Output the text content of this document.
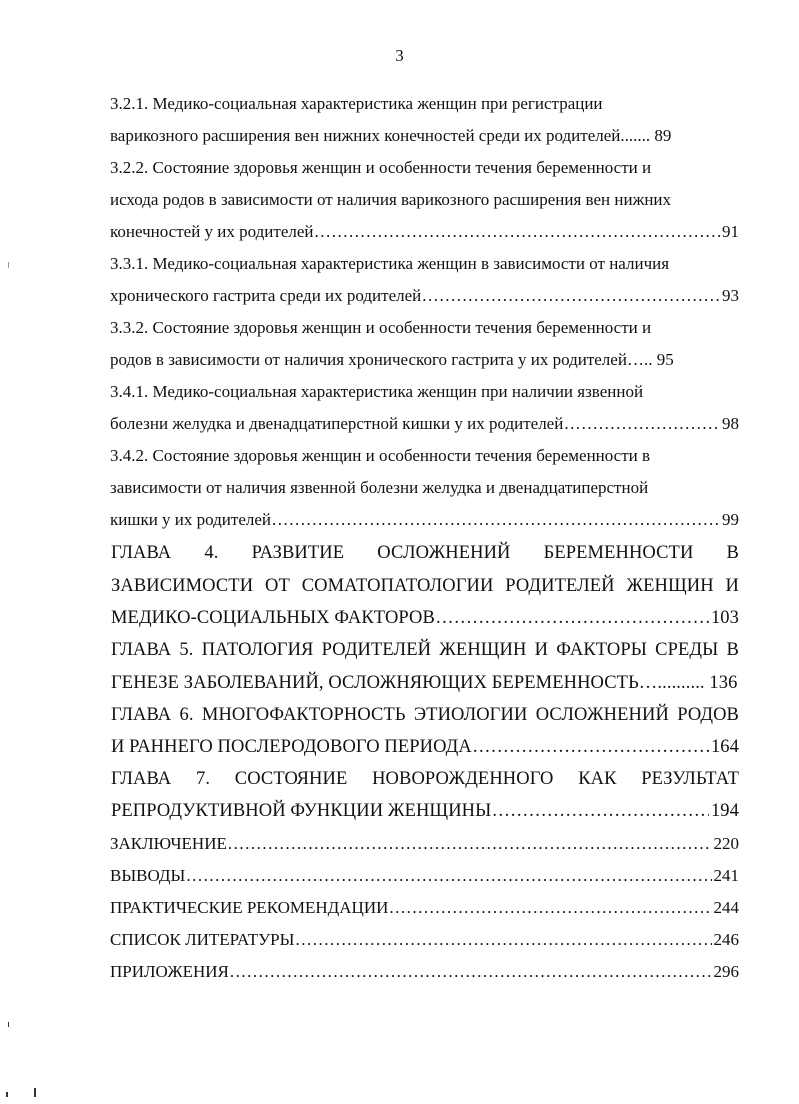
3
3.2.1. Медико-социальная характеристика женщин при регистрации
варикозного расширения вен нижних конечностей среди их родителей....... 89
3.2.2. Состояние здоровья женщин и особенности течения беременности и
исхода родов в зависимости от наличия варикозного расширения вен нижних
конечностей у их родителей .....	91
3.3.1. Медико-социальная характеристика женщин в зависимости от наличия
хронического гастрита среди их родителей .....	93
3.3.2. Состояние здоровья женщин и особенности течения беременности и
родов в зависимости от наличия хронического гастрита у их родителей….. 95
3.4.1. Медико-социальная характеристика женщин при наличии язвенной
болезни желудка и двенадцатиперстной кишки у их родителей .....	98
3.4.2. Состояние здоровья женщин и особенности течения беременности в
зависимости от наличия язвенной болезни желудка и двенадцатиперстной
кишки у их родителей .....	99
ГЛАВА 4. РАЗВИТИЕ ОСЛОЖНЕНИЙ БЕРЕМЕННОСТИ В
ЗАВИСИМОСТИ ОТ СОМАТОПАТОЛОГИИ РОДИТЕЛЕЙ ЖЕНЩИН И
МЕДИКО-СОЦИАЛЬНЫХ ФАКТОРОВ .....	103
ГЛАВА 5. ПАТОЛОГИЯ РОДИТЕЛЕЙ ЖЕНЩИН И ФАКТОРЫ СРЕДЫ В
ГЕНЕЗЕ ЗАБОЛЕВАНИЙ, ОСЛОЖНЯЮЩИХ БЕРЕМЕННОСТЬ….......... 136
ГЛАВА 6. МНОГОФАКТОРНОСТЬ ЭТИОЛОГИИ ОСЛОЖНЕНИЙ РОДОВ
И РАННЕГО ПОСЛЕРОДОВОГО ПЕРИОДА .....	164
ГЛАВА 7. СОСТОЯНИЕ НОВОРОЖДЕННОГО КАК РЕЗУЛЬТАТ
РЕПРОДУКТИВНОЙ ФУНКЦИИ ЖЕНЩИНЫ .....	194
ЗАКЛЮЧЕНИЕ .....	220
ВЫВОДЫ .....	241
ПРАКТИЧЕСКИЕ РЕКОМЕНДАЦИИ .....	244
СПИСОК ЛИТЕРАТУРЫ .....	246
ПРИЛОЖЕНИЯ .....	296
